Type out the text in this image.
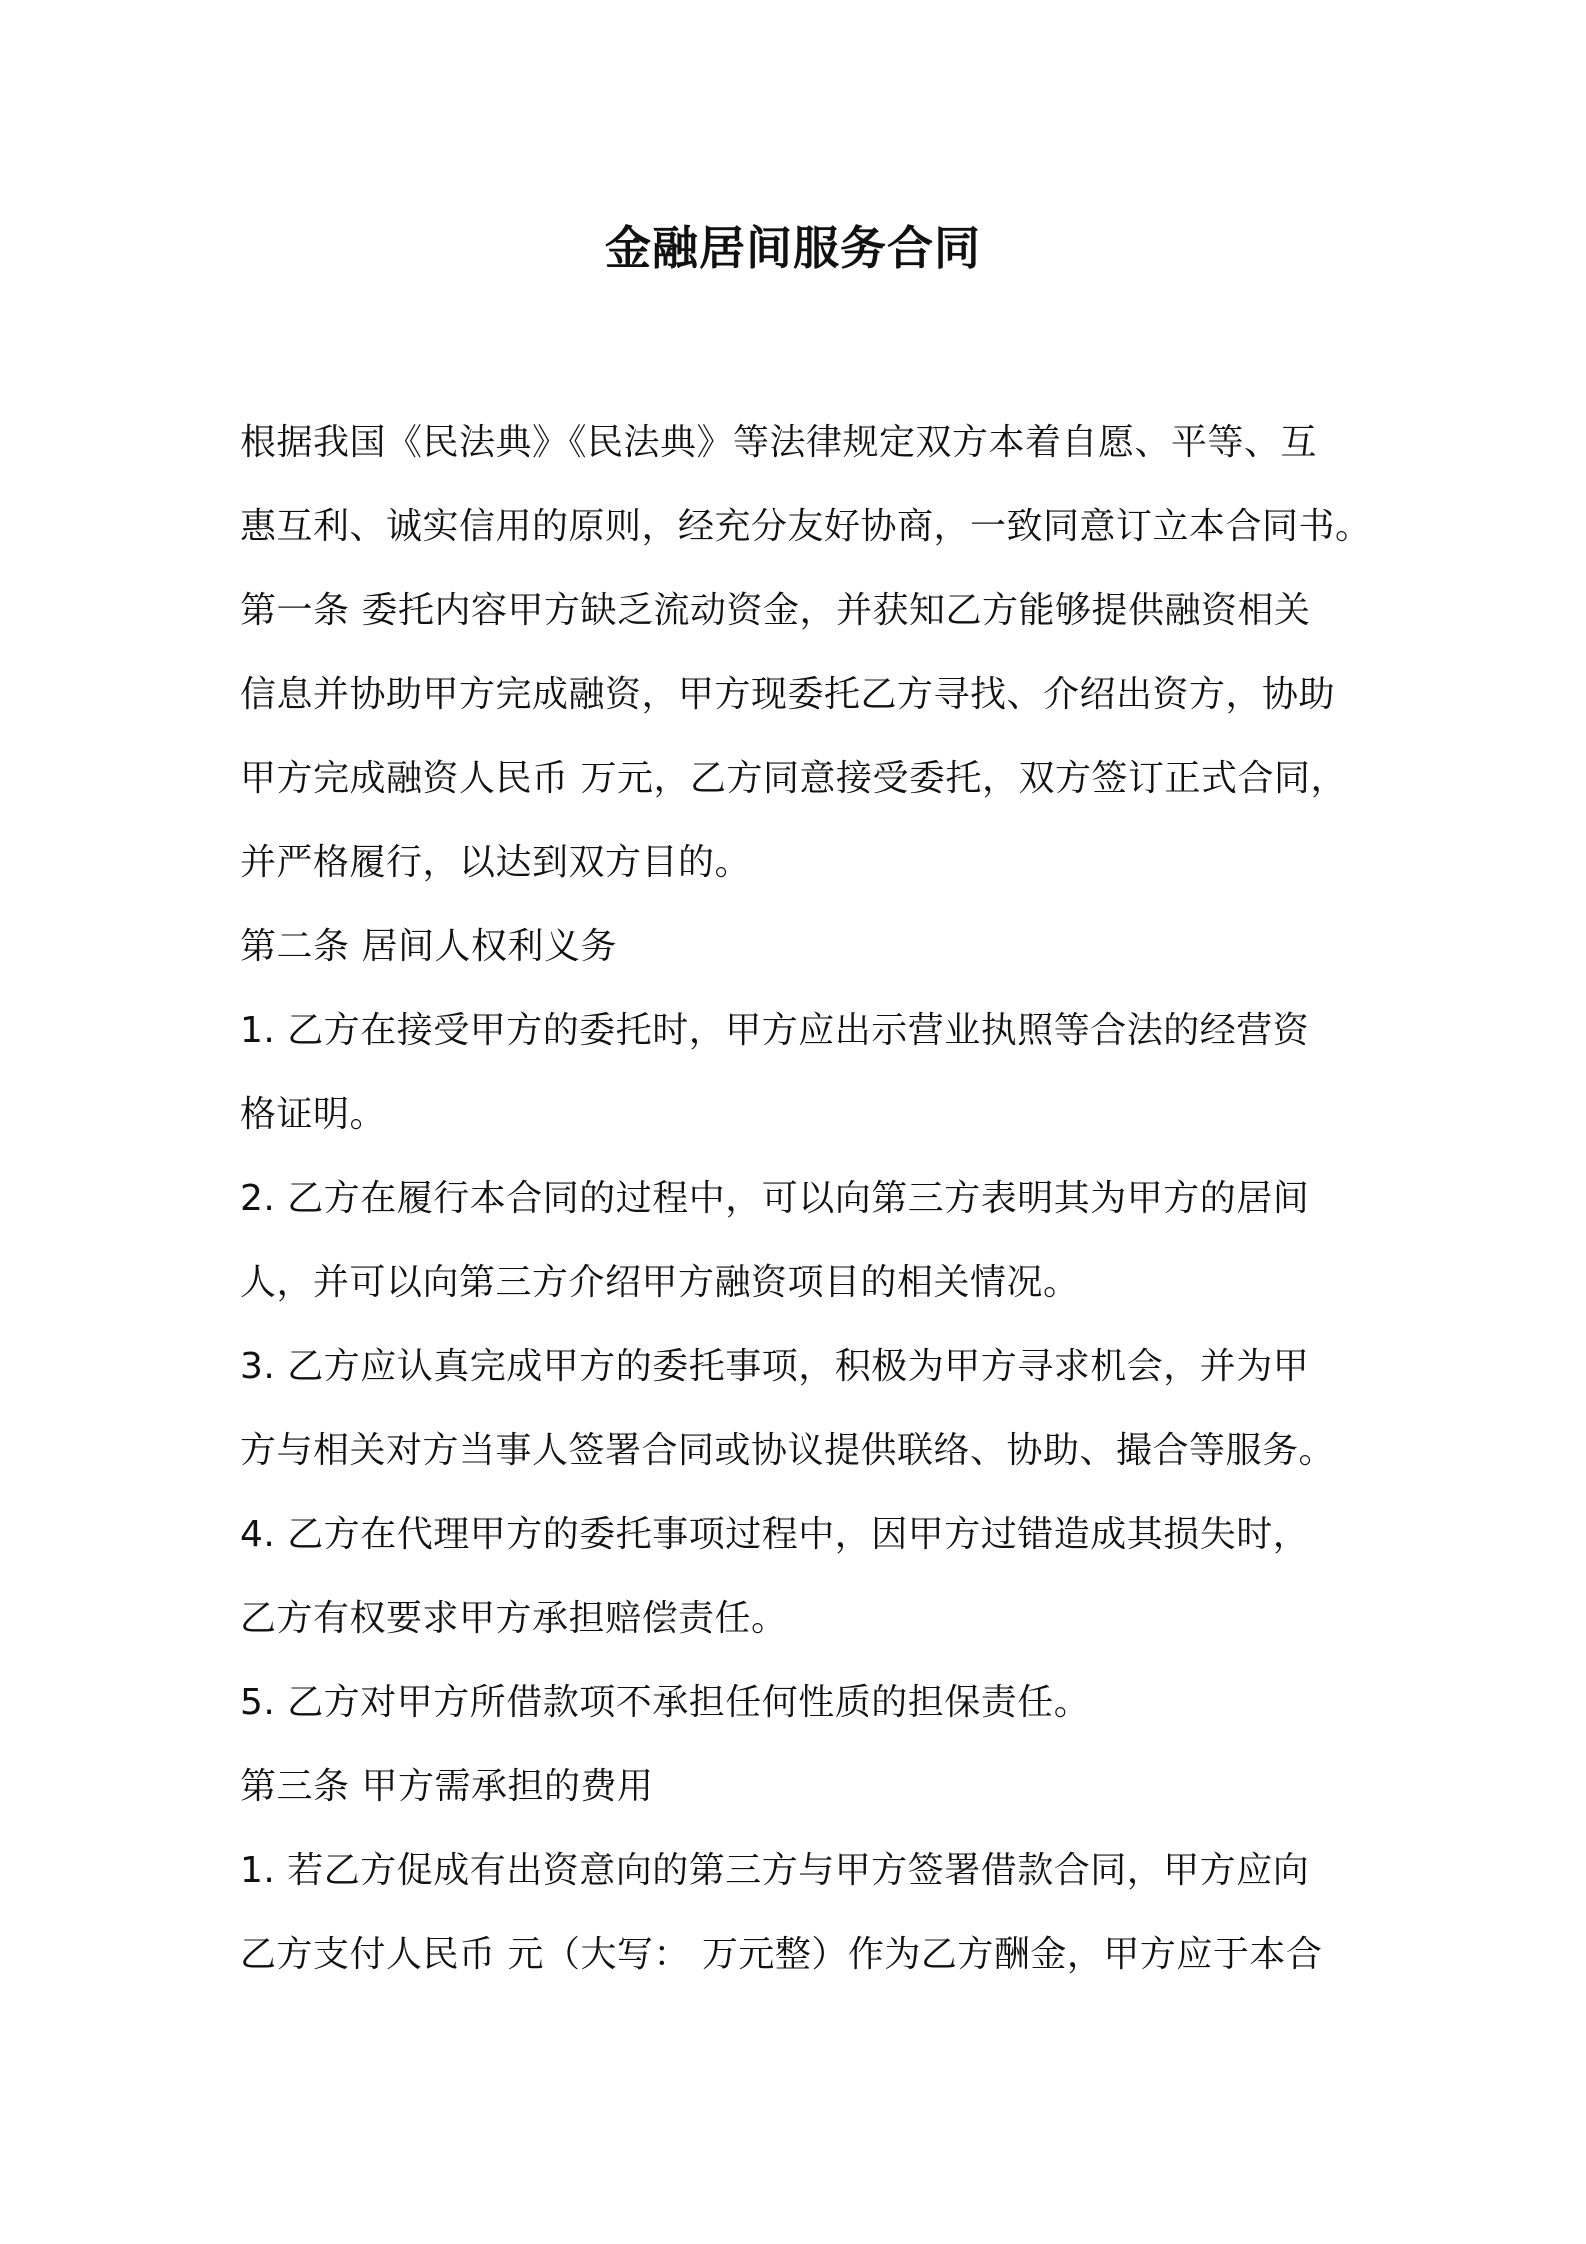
金融居间服务合同
根据我国《民法典》《民法典》等法律规定双方本着自愿、平等、互
惠互利、诚实信用的原则，经充分友好协商，一致同意订立本合同书。
第一条 委托内容甲方缺乏流动资金，并获知乙方能够提供融资相关
信息并协助甲方完成融资，甲方现委托乙方寻找、介绍出资方，协助
甲方完成融资人民币 万元，乙方同意接受委托，双方签订正式合同，
并严格履行，以达到双方目的。
第二条 居间人权利义务
1. 乙方在接受甲方的委托时，甲方应出示营业执照等合法的经营资
格证明。
2. 乙方在履行本合同的过程中，可以向第三方表明其为甲方的居间
人，并可以向第三方介绍甲方融资项目的相关情况。
3. 乙方应认真完成甲方的委托事项，积极为甲方寻求机会，并为甲
方与相关对方当事人签署合同或协议提供联络、协助、撮合等服务。
4. 乙方在代理甲方的委托事项过程中，因甲方过错造成其损失时，
乙方有权要求甲方承担赔偿责任。
5. 乙方对甲方所借款项不承担任何性质的担保责任。
第三条 甲方需承担的费用
1. 若乙方促成有出资意向的第三方与甲方签署借款合同，甲方应向
乙方支付人民币 元（大写： 万元整）作为乙方酬金，甲方应于本合
